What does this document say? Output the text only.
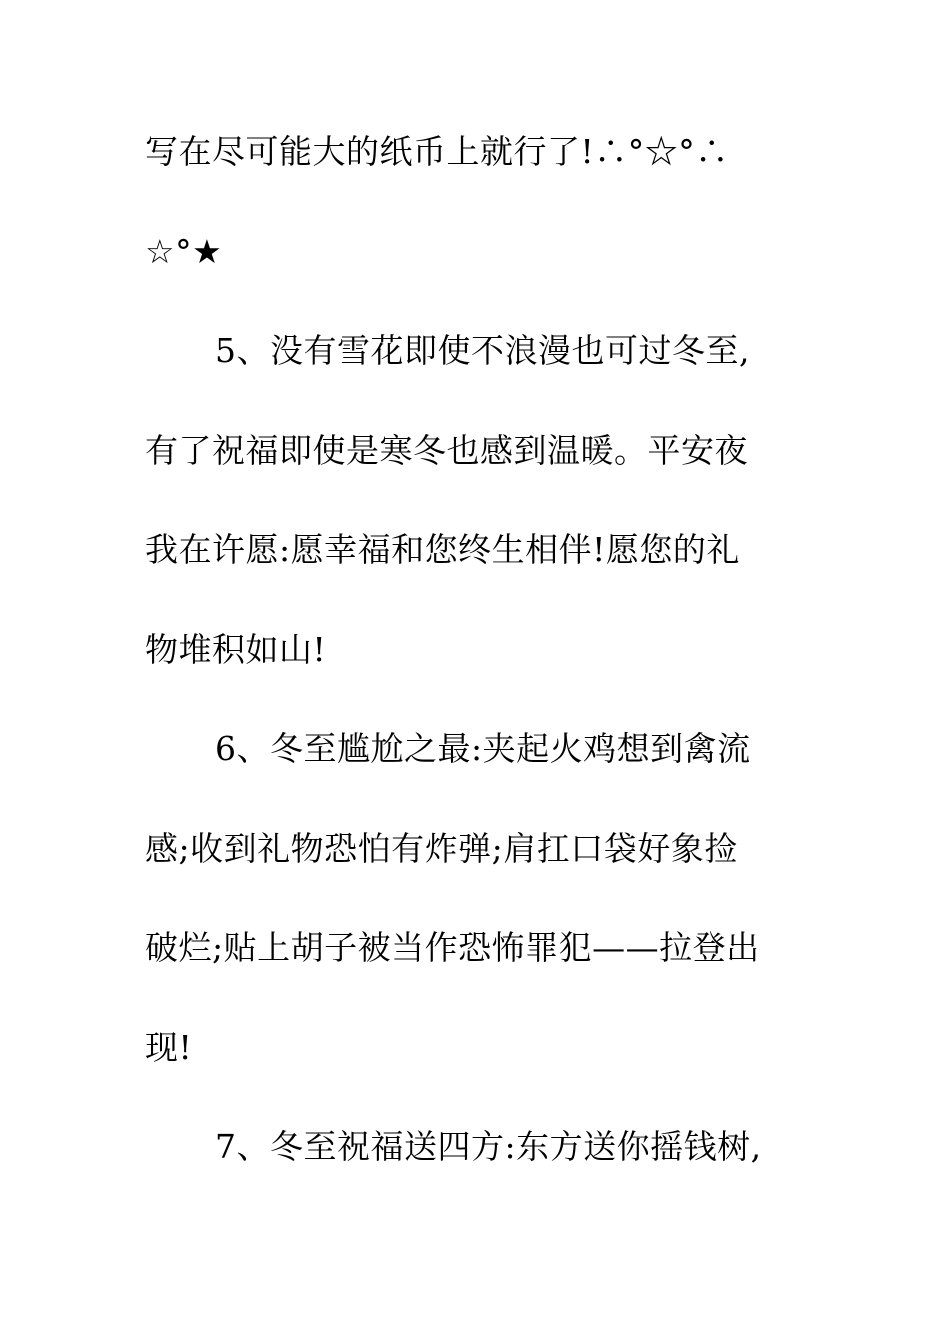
写在尽可能大的纸币上就行了!∴°☆°∴
☆°★
5、没有雪花即使不浪漫也可过冬至,
有了祝福即使是寒冬也感到温暖。平安夜
我在许愿:愿幸福和您终生相伴!愿您的礼
物堆积如山!
6、冬至尴尬之最:夹起火鸡想到禽流
感;收到礼物恐怕有炸弹;肩扛口袋好象捡
破烂;贴上胡子被当作恐怖罪犯——拉登出
现!
7、冬至祝福送四方:东方送你摇钱树,
